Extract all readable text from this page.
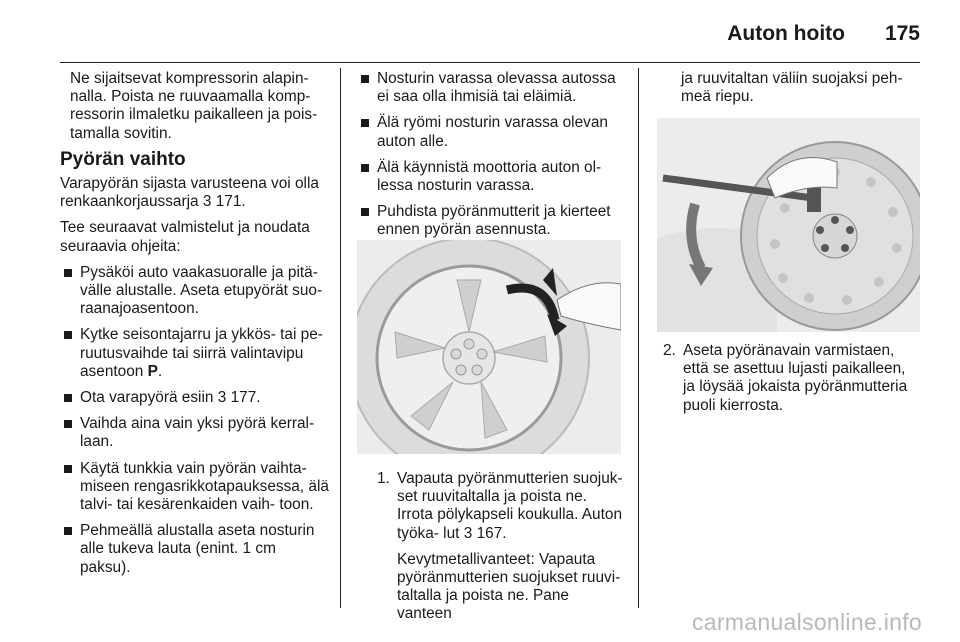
Auton hoito 175

Ne sijaitsevat kompressorin alapin- nalla. Poista ne ruuvaamalla komp- ressorin ilmaletku paikalleen ja pois- tamalla sovitin.

Pyörän vaihto

Varapyörän sijasta varusteena voi olla renkaankorjaussarja 3 171.

Tee seuraavat valmistelut ja noudata seuraavia ohjeita:

Pysäköi auto vaakasuoralle ja pitä- välle alustalle. Aseta etupyörät suo- raanajoasentoon.
Kytke seisontajarru ja ykkös- tai pe- ruutusvaihde tai siirrä valintavipu asentoon P.
Ota varapyörä esiin 3 177.
Vaihda aina vain yksi pyörä kerral- laan.
Käytä tunkkia vain pyörän vaihta- miseen rengasrikkotapauksessa, älä talvi- tai kesärenkaiden vaih- toon.
Pehmeällä alustalla aseta nosturin alle tukeva lauta (enint. 1 cm paksu).
Nosturin varassa olevassa autossa ei saa olla ihmisiä tai eläimiä.
Älä ryömi nosturin varassa olevan auton alle.
Älä käynnistä moottoria auton ol- lessa nosturin varassa.
Puhdista pyöränmutterit ja kierteet ennen pyörän asennusta.
1. Vapauta pyöränmutterien suojuk- set ruuvitaltalla ja poista ne. Irrota pölykapseli koukulla. Auton työka- lut 3 167.

Kevytmetallivanteet: Vapauta pyöränmutterien suojukset ruuvi- taltalla ja poista ne. Pane vanteen

ja ruuvitaltan väliin suojaksi peh- meä riepu.

2. Aseta pyöränavain varmistaen, että se asettuu lujasti paikalleen, ja löysää jokaista pyöränmutteria puoli kierrosta.
carmanualsonline.info
